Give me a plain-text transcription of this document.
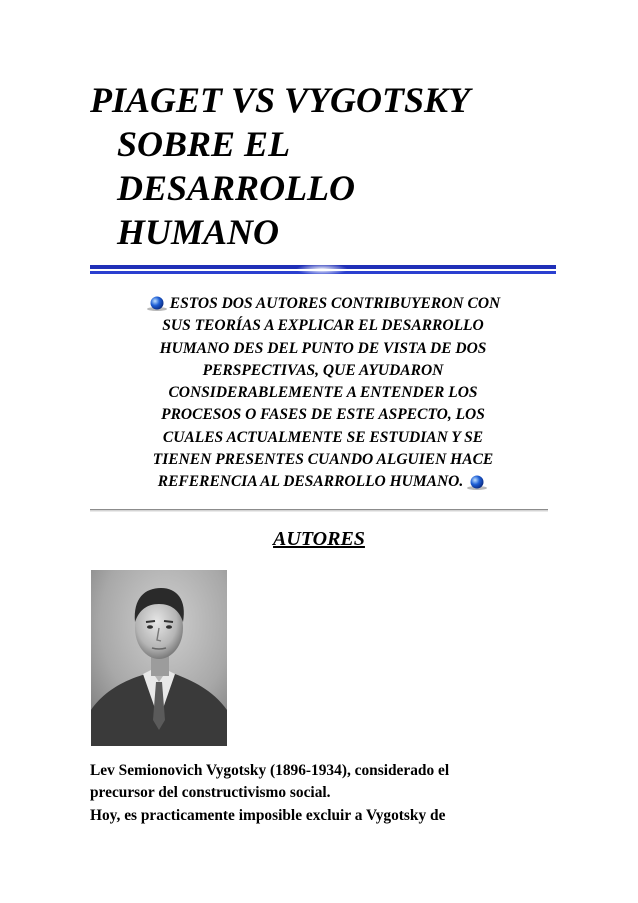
PIAGET VS VYGOTSKY
SOBRE EL
DESARROLLO
HUMANO
ESTOS DOS AUTORES CONTRIBUYERON CON
SUS TEORÍAS A EXPLICAR EL DESARROLLO
HUMANO DES DEL PUNTO DE VISTA DE DOS
PERSPECTIVAS, QUE AYUDARON
CONSIDERABLEMENTE A ENTENDER LOS
PROCESOS O FASES DE ESTE ASPECTO, LOS
CUALES ACTUALMENTE SE ESTUDIAN Y SE
TIENEN PRESENTES CUANDO ALGUIEN HACE
REFERENCIA AL DESARROLLO HUMANO.
AUTORES
Lev Semionovich Vygotsky (1896-1934), considerado el
precursor del constructivismo social.
Hoy, es practicamente imposible excluir a Vygotsky de
